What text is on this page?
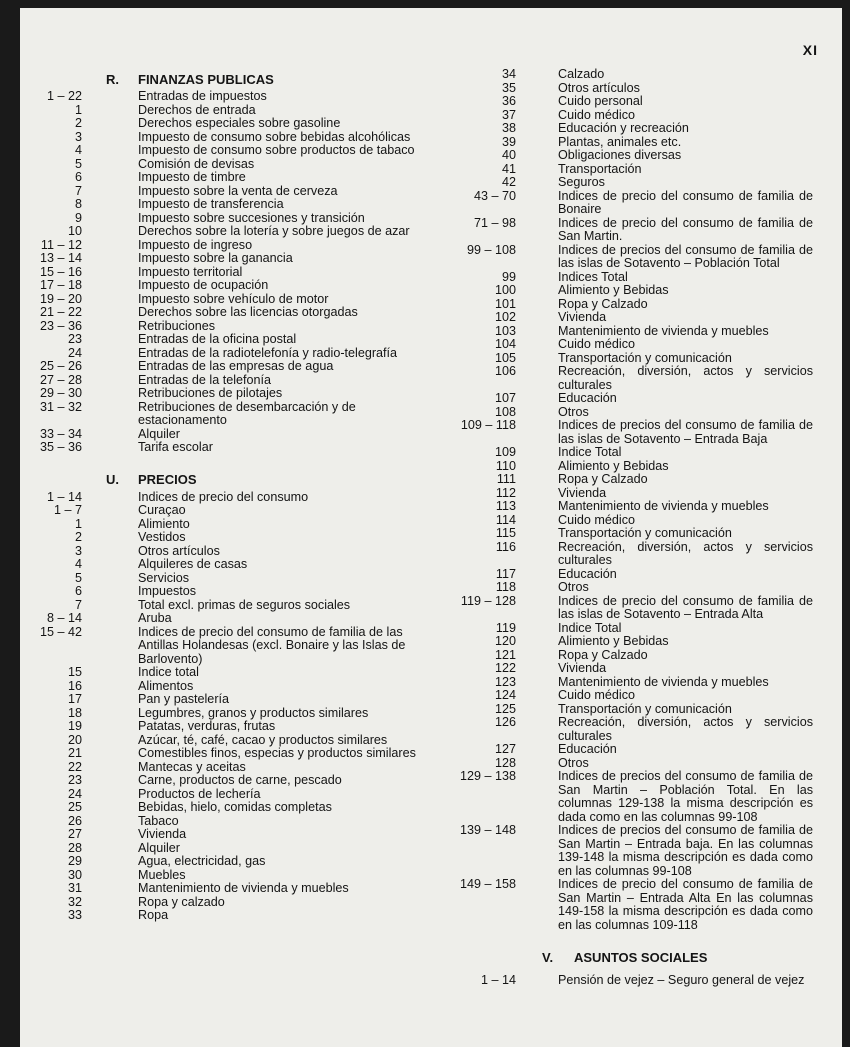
XI
R.	FINANZAS PUBLICAS
1 – 22	Entradas de impuestos
1	Derechos de entrada
2	Derechos especiales sobre gasoline
3	Impuesto de consumo sobre bebidas alcohólicas
4	Impuesto de consumo sobre productos de tabaco
5	Comisión de devisas
6	Impuesto de timbre
7	Impuesto sobre la venta de cerveza
8	Impuesto de transferencia
9	Impuesto sobre succesiones y transición
10	Derechos sobre la lotería y sobre juegos de azar
11 – 12	Impuesto de ingreso
13 – 14	Impuesto sobre la ganancia
15 – 16	Impuesto territorial
17 – 18	Impuesto de ocupación
19 – 20	Impuesto sobre vehículo de motor
21 – 22	Derechos sobre las licencias otorgadas
23 – 36	Retribuciones
23	Entradas de la oficina postal
24	Entradas de la radiotelefonía y radio-telegrafía
25 – 26	Entradas de las empresas de agua
27 – 28	Entradas de la telefonía
29 – 30	Retribuciones de pilotajes
31 – 32	Retribuciones de desembarcación y de estacionamento
33 – 34	Alquiler
35 – 36	Tarifa escolar
U.	PRECIOS
1 – 14	Indices de precio del consumo
1 – 7	Curaçao
1	Alimiento
2	Vestidos
3	Otros artículos
4	Alquileres de casas
5	Servicios
6	Impuestos
7	Total excl. primas de seguros sociales
8 – 14	Aruba
15 – 42	Indices de precio del consumo de familia de las Antillas Holandesas (excl. Bonaire y las Islas de Barlovento)
15	Indice total
16	Alimentos
17	Pan y pastelería
18	Legumbres, granos y productos similares
19	Patatas, verduras, frutas
20	Azúcar, té, café, cacao y productos similares
21	Comestibles finos, especias y productos similares
22	Mantecas y aceitas
23	Carne, productos de carne, pescado
24	Productos de lechería
25	Bebidas, hielo, comidas completas
26	Tabaco
27	Vivienda
28	Alquiler
29	Agua, electricidad, gas
30	Muebles
31	Mantenimiento de vivienda y muebles
32	Ropa y calzado
33	Ropa
34	Calzado
35	Otros artículos
36	Cuido personal
37	Cuido médico
38	Educación y recreación
39	Plantas, animales etc.
40	Obligaciones diversas
41	Transportación
42	Seguros
43 – 70	Indices de precio del consumo de familia de Bonaire
71 – 98	Indices de precio del consumo de familia de San Martin.
99 – 108	Indices de precios del consumo de familia de las islas de Sotavento – Población Total
99	Indices Total
100	Alimiento y Bebidas
101	Ropa y Calzado
102	Vivienda
103	Mantenimiento de vivienda y muebles
104	Cuido médico
105	Transportación y comunicación
106	Recreación, diversión, actos y servicios culturales
107	Educación
108	Otros
109 – 118	Indices de precios del consumo de familia de las islas de Sotavento – Entrada Baja
109	Indice Total
110	Alimiento y Bebidas
111	Ropa y Calzado
112	Vivienda
113	Mantenimiento de vivienda y muebles
114	Cuido médico
115	Transportación y comunicación
116	Recreación, diversión, actos y servicios culturales
117	Educación
118	Otros
119 – 128	Indices de precio del consumo de familia de las islas de Sotavento – Entrada Alta
119	Indice Total
120	Alimiento y Bebidas
121	Ropa y Calzado
122	Vivienda
123	Mantenimiento de vivienda y muebles
124	Cuido médico
125	Transportación y comunicación
126	Recreación, diversión, actos y servicios culturales
127	Educación
128	Otros
129 – 138	Indices de precios del consumo de familia de San Martin – Población Total. En las columnas 129-138 la misma descripción es dada como en las columnas 99-108
139 – 148	Indices de precios del consumo de familia de San Martin – Entrada baja. En las columnas 139-148 la misma descripción es dada como en las columnas 99-108
149 – 158	Indices de precio del consumo de familia de San Martin – Entrada Alta En las columnas 149-158 la misma descripción es dada como en las columnas 109-118
V.	ASUNTOS SOCIALES
1 – 14	Pensión de vejez – Seguro general de vejez
